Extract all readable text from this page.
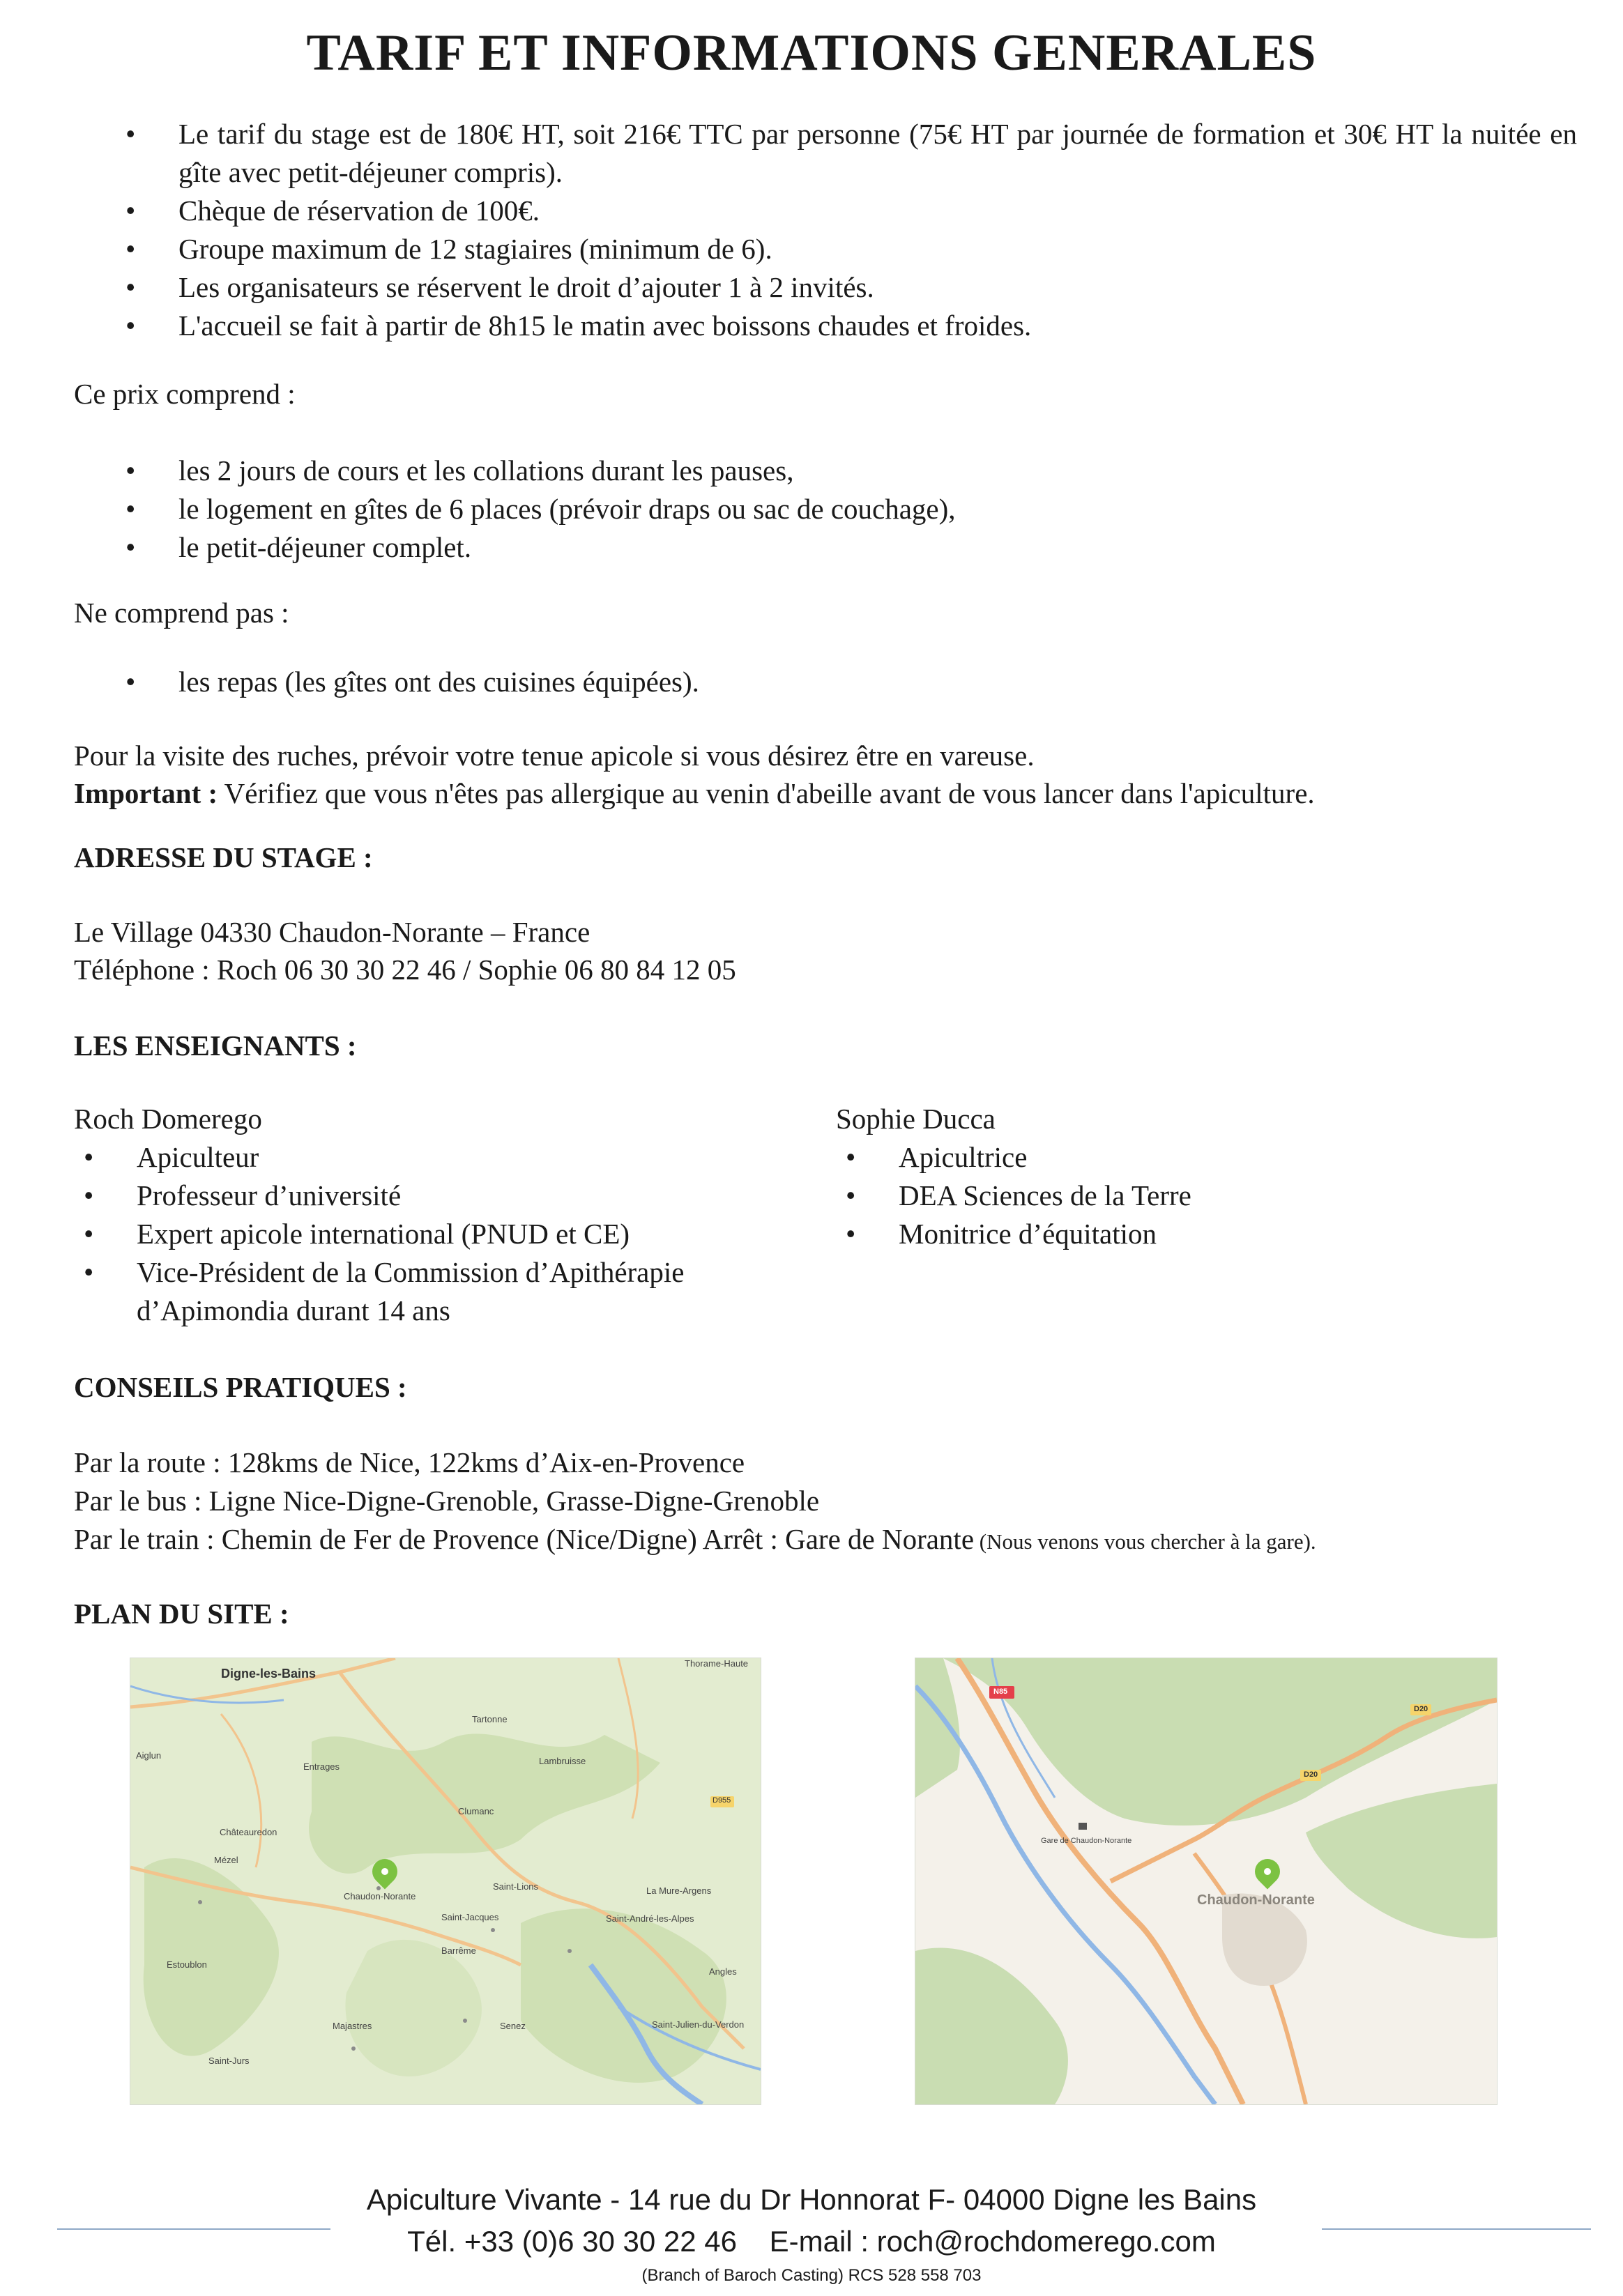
TARIF ET INFORMATIONS GENERALES
• Le tarif du stage est de 180€ HT, soit 216€ TTC par personne (75€ HT par journée de formation et 30€ HT la nuitée en gîte avec petit-déjeuner compris).
• Chèque de réservation de 100€.
• Groupe maximum de 12 stagiaires (minimum de 6).
• Les organisateurs se réservent le droit d’ajouter 1 à 2 invités.
• L'accueil se fait à partir de 8h15 le matin avec boissons chaudes et froides.
Ce prix comprend :
• les 2 jours de cours et les collations durant les pauses,
• le logement en gîtes de 6 places (prévoir draps ou sac de couchage),
• le petit-déjeuner complet.
Ne comprend pas :
• les repas (les gîtes ont des cuisines équipées).
Pour la visite des ruches, prévoir votre tenue apicole si vous désirez être en vareuse.
Important : Vérifiez que vous n'êtes pas allergique au venin d'abeille avant de vous lancer dans l'apiculture.
ADRESSE DU STAGE :
Le Village 04330 Chaudon-Norante – France
Téléphone : Roch 06 30 30 22 46 / Sophie 06 80 84 12 05
LES ENSEIGNANTS :
Roch Domerego
• Apiculteur
• Professeur d’université
• Expert apicole international (PNUD et CE)
• Vice-Président de la Commission d’Apithérapie d’Apimondia durant 14 ans
Sophie Ducca
• Apicultrice
• DEA Sciences de la Terre
• Monitrice d’équitation
CONSEILS PRATIQUES :
Par la route : 128kms de Nice, 122kms d’Aix-en-Provence
Par le bus : Ligne Nice-Digne-Grenoble, Grasse-Digne-Grenoble
Par le train : Chemin de Fer de Provence (Nice/Digne) Arrêt : Gare de Norante (Nous venons vous chercher à la gare).
PLAN DU SITE :
Digne-les-Bains
Thorame-Haute
Aiglun
Entrages
Tartonne
Lambruisse
D955
Clumanc
Châteauredon
Mézel
Chaudon-Norante
Saint-Lions	La Mure-Argens
Saint-Jacques	Saint-André-les-Alpes
Barrême
Estoublon
Angles
Majastres	Senez	Saint-Julien-du-Verdon
Saint-Jurs
N85
D20
D20
Gare de Chaudon-Norante
Chaudon-Norante
Apiculture Vivante - 14 rue du Dr Honnorat F- 04000 Digne les Bains
Tél. +33 (0)6 30 30 22 46    E-mail : roch@rochdomerego.com
(Branch of Baroch Casting) RCS 528 558 703
